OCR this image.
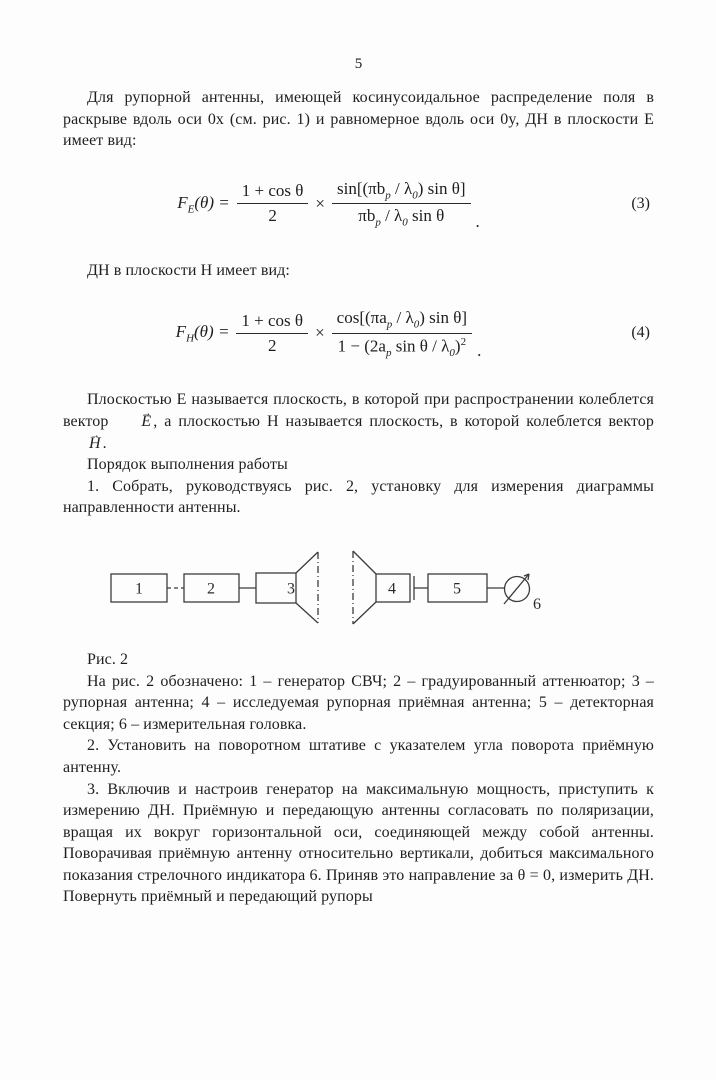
5

Для рупорной антенны, имеющей косинусоидальное распределение поля в раскрыве вдоль оси 0x (см. рис. 1) и равномерное вдоль оси 0y, ДН в плоскости Е имеет вид:

$F_Е(\theta) = \frac{\text{1 + cos θ}}{2} \times \frac{\sin[(\pi b_p / \lambda_0) \sin \theta]}{\pi b_p / \lambda_0 \sin \theta}$ .
(3)

ДН в плоскости Н имеет вид:

$F_Н(\theta) = \frac{\text{1 + cos θ}}{2} \times \frac{\cos[(\pi a_p / \lambda_0) \sin \theta]}{1 - (2a_p \sin \theta / \lambda_0)^2}$ .
(4)

Плоскостью Е называется плоскость, в которой при распространении колеблется вектор Е → , а плоскостью Н называется плоскость, в которой колеблется вектор Н → .

Порядок выполнения работы

1. Собрать, руководствуясь рис. 2, установку для измерения диаграммы направленности антенны.

1	2	3	4	5
6

Рис. 2

На рис. 2 обозначено: 1 – генератор СВЧ; 2 – градуированный аттенюатор; 3 – рупорная антенна; 4 – исследуемая рупорная приёмная антенна; 5 – детекторная секция; 6 – измерительная головка.

2. Установить на поворотном штативе с указателем угла поворота приёмную антенну.

3. Включив и настроив генератор на максимальную мощность, приступить к измерению ДН. Приёмную и передающую антенны согласовать по поляризации, вращая их вокруг горизонтальной оси, соединяющей между собой антенны. Поворачивая приёмную антенну относительно вертикали, добиться максимального показания стрелочного индикатора 6. Приняв это направление за θ = 0, измерить ДН. Повернуть приёмный и передающий рупоры
